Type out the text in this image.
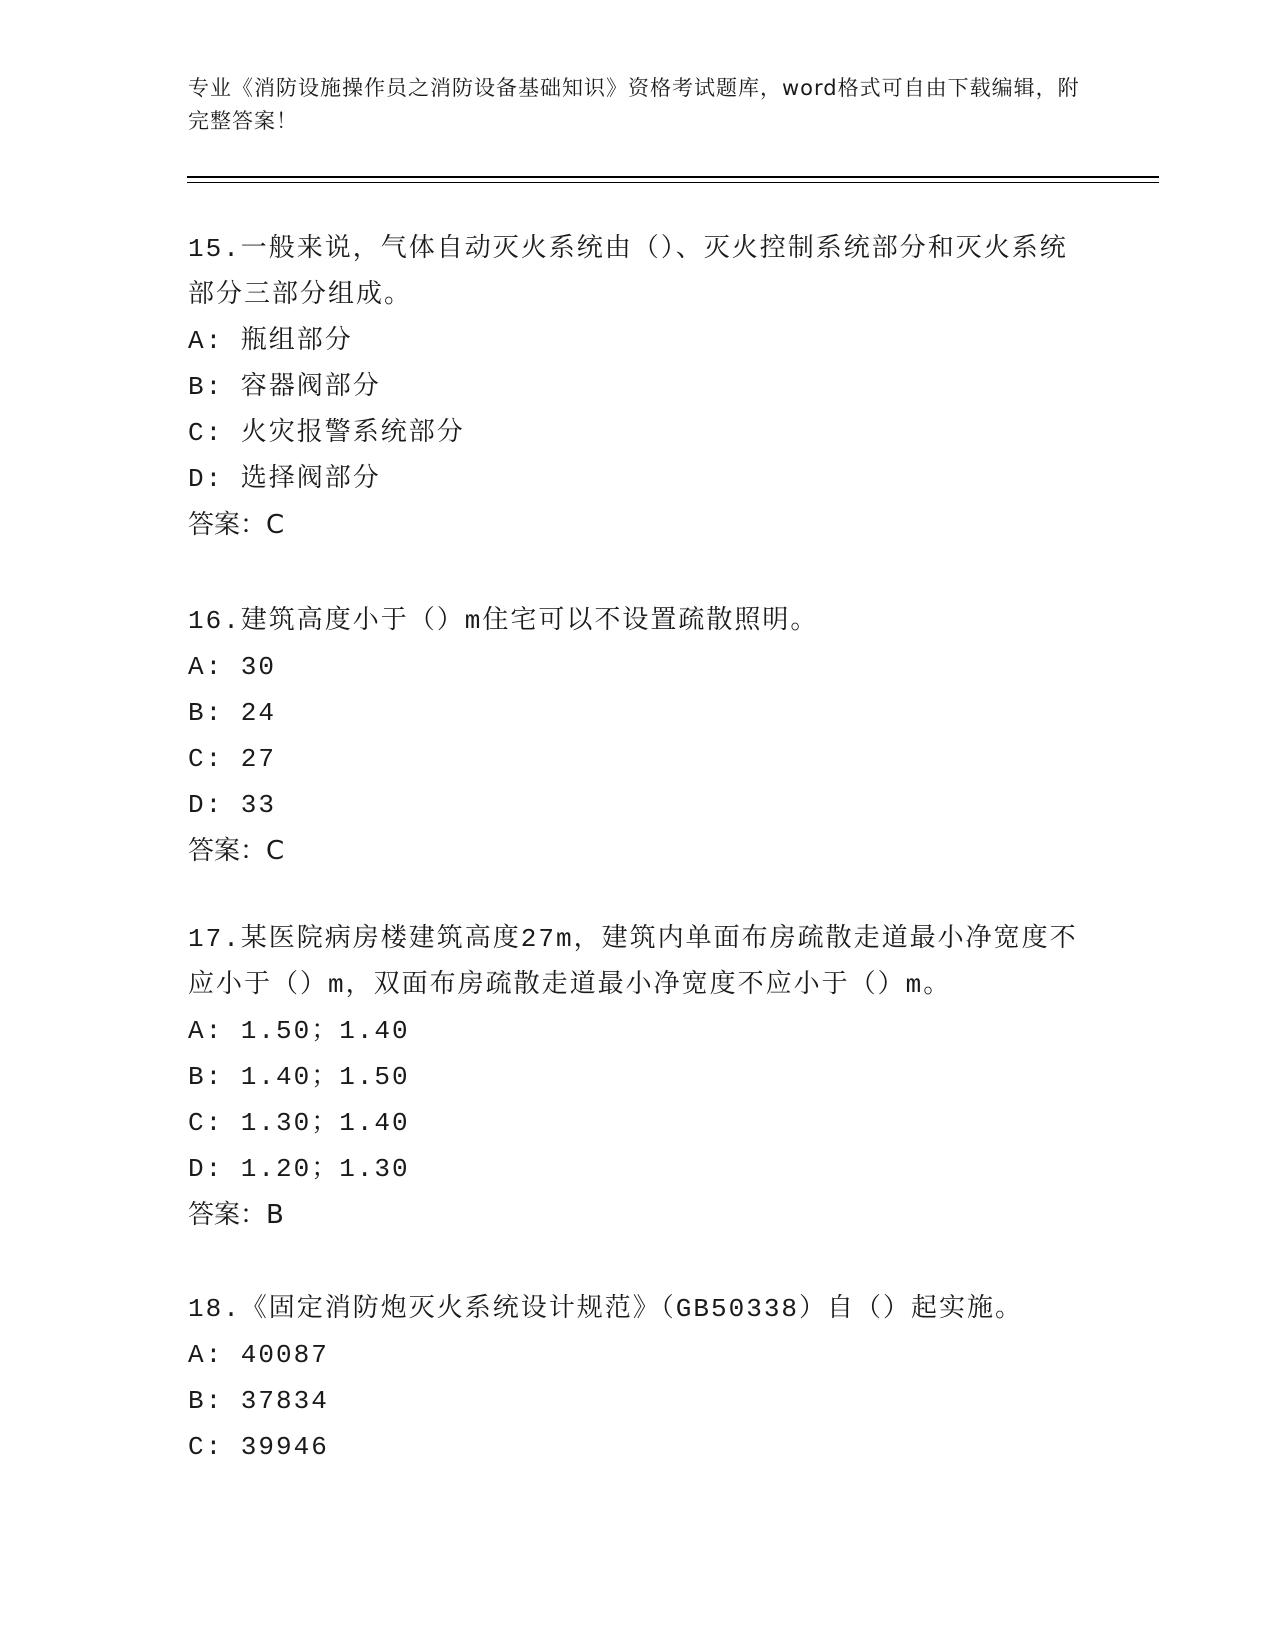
专业《消防设施操作员之消防设备基础知识》资格考试题库，word格式可自由下载编辑，附完整答案！

15.一般来说，气体自动灭火系统由（）、灭火控制系统部分和灭火系统部分三部分组成。

A: 瓶组部分

B: 容器阀部分

C: 火灾报警系统部分

D: 选择阀部分

答案：C

16.建筑高度小于（）m住宅可以不设置疏散照明。

A: 30

B: 24

C: 27

D: 33

答案：C

17.某医院病房楼建筑高度27m，建筑内单面布房疏散走道最小净宽度不应小于（）m，双面布房疏散走道最小净宽度不应小于（）m。

A: 1.50；1.40

B: 1.40；1.50

C: 1.30；1.40

D: 1.20；1.30

答案：B

18.《固定消防炮灭火系统设计规范》（GB50338）自（）起实施。

A: 40087

B: 37834

C: 39946
